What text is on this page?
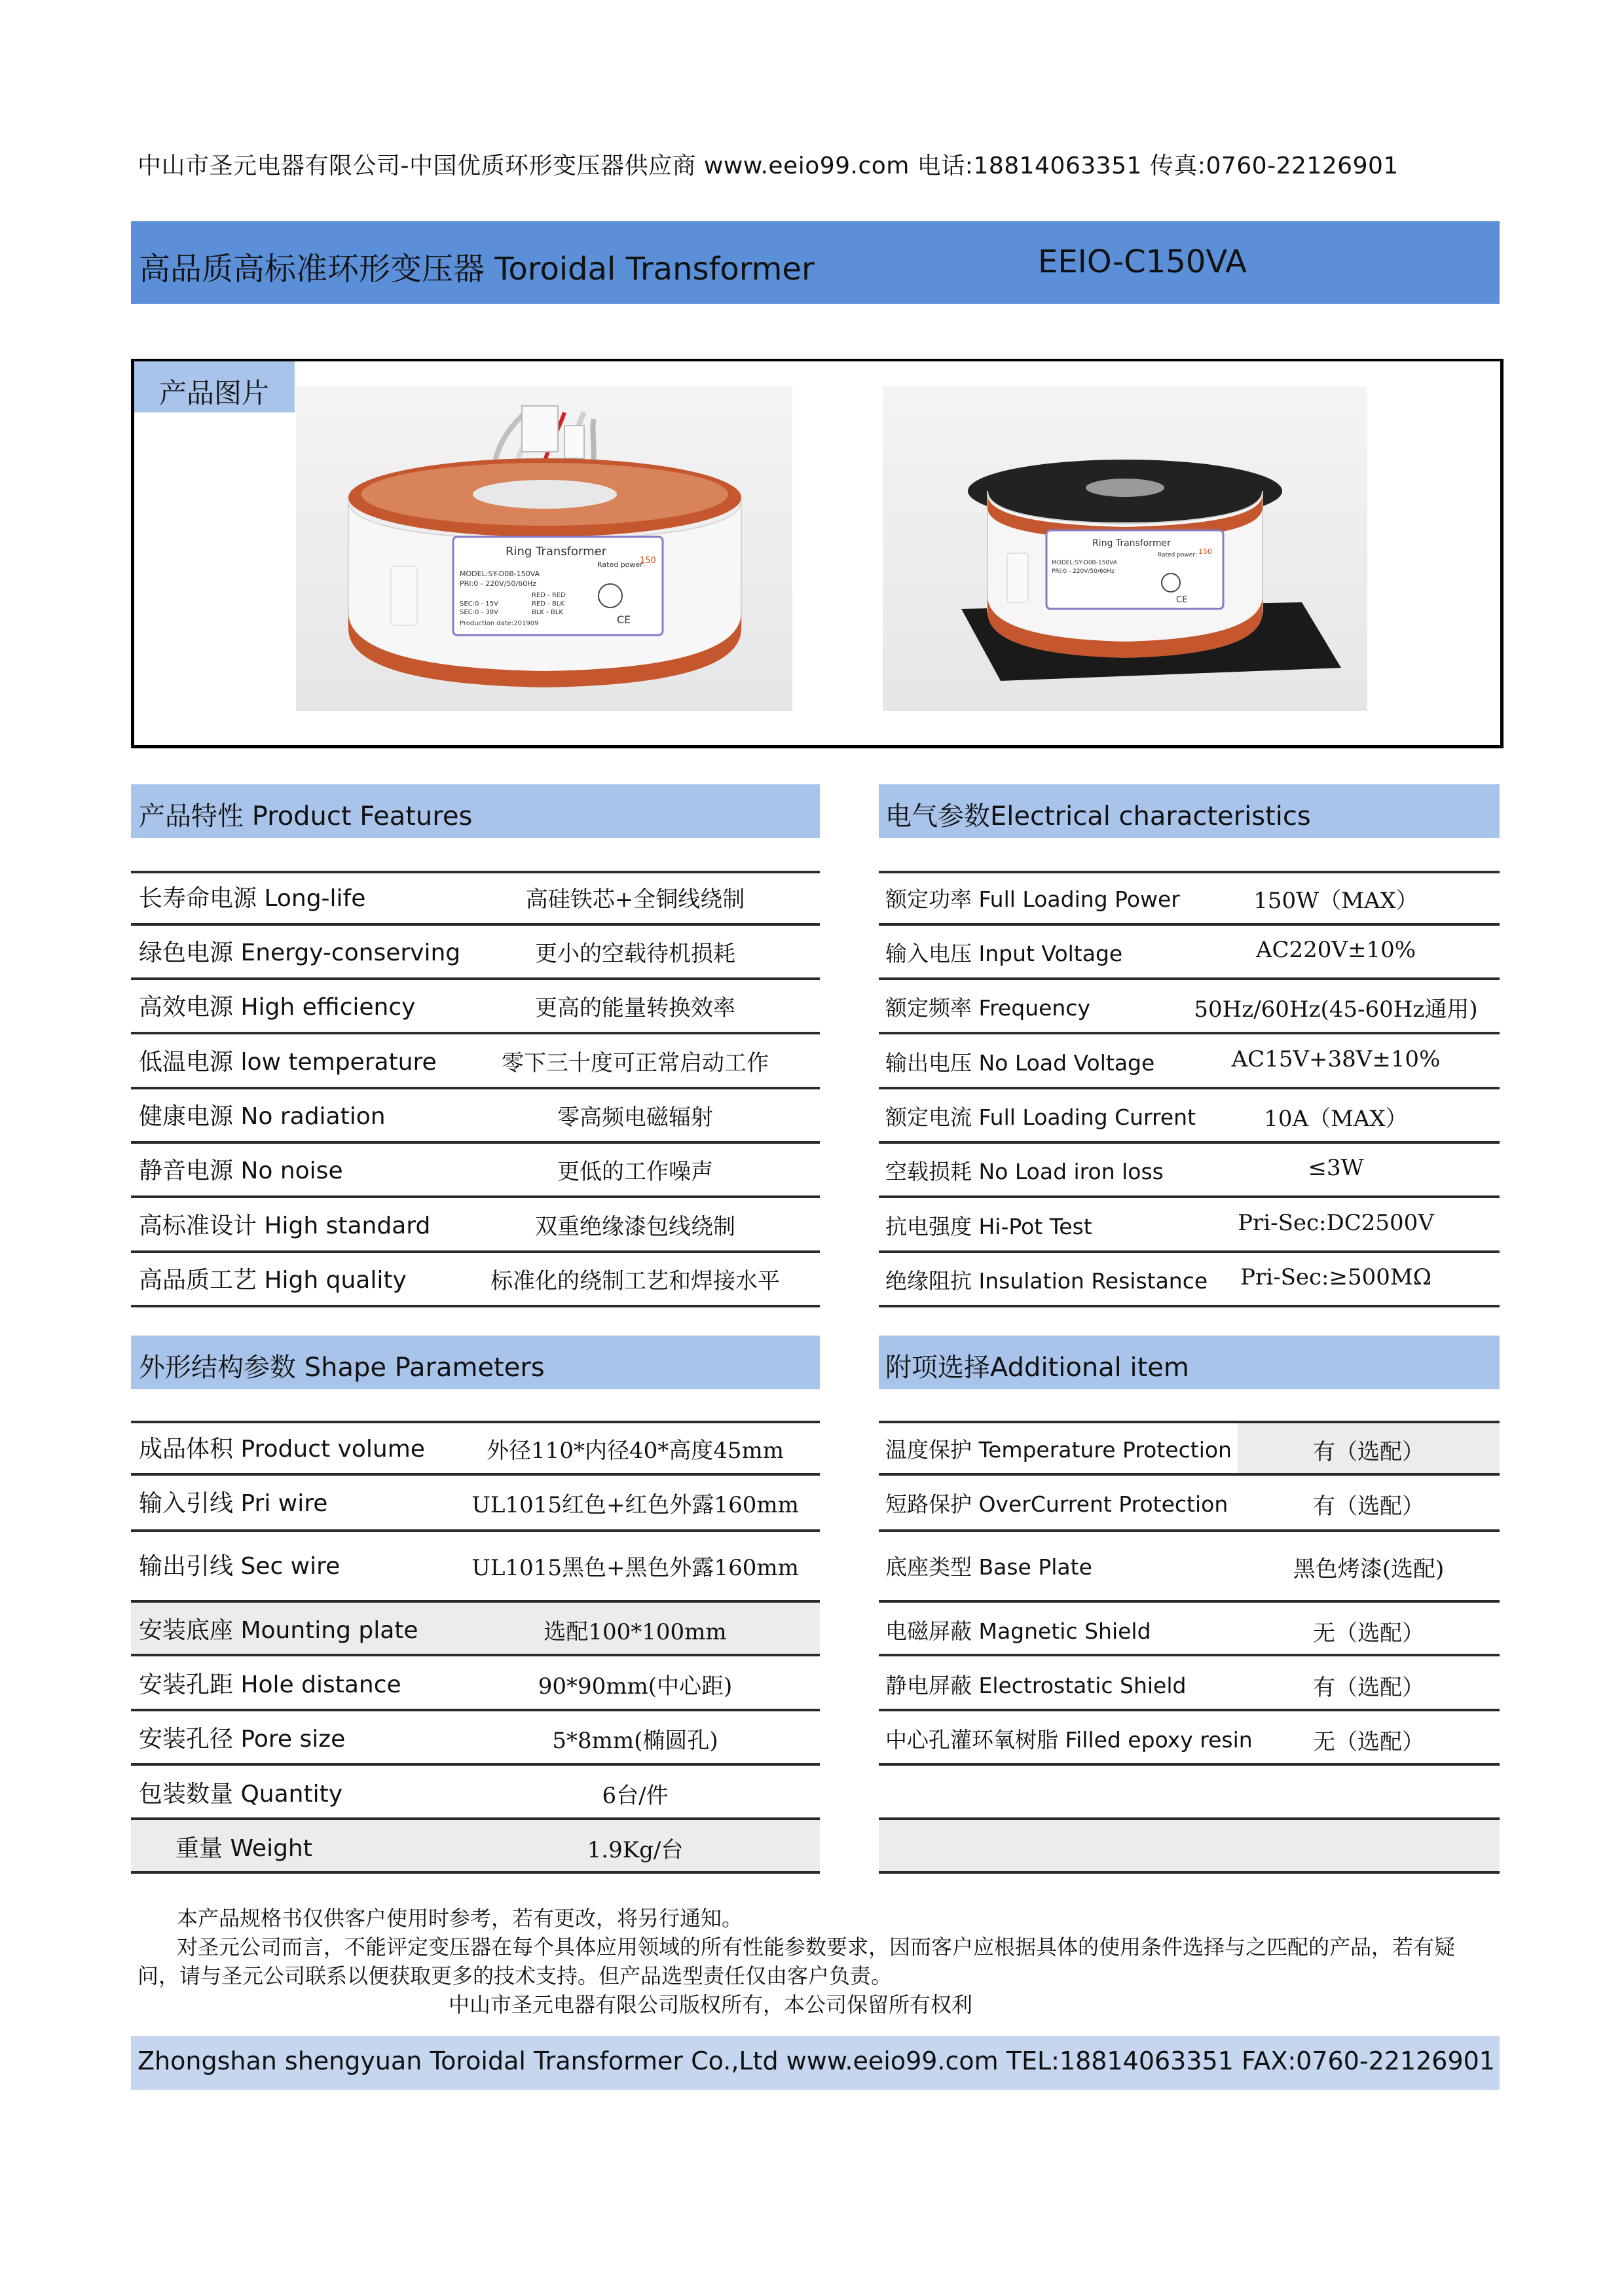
中山市圣元电器有限公司-中国优质环形变压器供应商 www.eeio99.com 电话:18814063351 传真:0760-22126901
高品质高标准环形变压器 Toroidal Transformer	EEIO-C150VA
产品图片
Ring Transformer
Rated power:
150
MODEL:SY-D0B-150VA
PRI:0 - 220V/50/60Hz
RED - RED
SEC:0 - 15V	RED - BLK
SEC:0 - 38V	BLK - BLK
Production date:201909	CE
Ring Transformer
Rated power: 150
MODEL:SY-D0B-150VA
PRI:0 - 220V/50/60Hz
CE
产品特性 Product Features
长寿命电源 Long-life	高硅铁芯+全铜线绕制
绿色电源 Energy-conserving	更小的空载待机损耗
高效电源 High efficiency	更高的能量转换效率
低温电源 low temperature	零下三十度可正常启动工作
健康电源 No radiation	零高频电磁辐射
静音电源 No noise	更低的工作噪声
高标准设计 High standard	双重绝缘漆包线绕制
高品质工艺 High quality	标准化的绕制工艺和焊接水平
电气参数Electrical characteristics
额定功率 Full Loading Power	150W（MAX）
输入电压 Input Voltage	AC220V±10%
额定频率 Frequency	50Hz/60Hz(45-60Hz通用)
输出电压 No Load Voltage	AC15V+38V±10%
额定电流 Full Loading Current	10A（MAX）
空载损耗 No Load iron loss	≤3W
抗电强度 Hi-Pot Test	Pri-Sec:DC2500V
绝缘阻抗 Insulation Resistance	Pri-Sec:≥500MΩ
外形结构参数 Shape Parameters
成品体积 Product volume	外径110*内径40*高度45mm
输入引线 Pri wire	UL1015红色+红色外露160mm
输出引线 Sec wire	UL1015黑色+黑色外露160mm
安装底座 Mounting plate	选配100*100mm
安装孔距 Hole distance	90*90mm(中心距)
安装孔径 Pore size	5*8mm(椭圆孔)
包装数量 Quantity	6台/件
重量 Weight	1.9Kg/台
附项选择Additional item
温度保护 Temperature Protection	有（选配）
短路保护 OverCurrent Protection	有（选配）
底座类型 Base Plate	黑色烤漆(选配)
电磁屏蔽 Magnetic Shield	无（选配）
静电屏蔽 Electrostatic Shield	有（选配）
中心孔灌环氧树脂 Filled epoxy resin	无（选配）
本产品规格书仅供客户使用时参考，若有更改，将另行通知。
对圣元公司而言，不能评定变压器在每个具体应用领域的所有性能参数要求，因而客户应根据具体的使用条件选择与之匹配的产品，若有疑问，请与圣元公司联系以便获取更多的技术支持。但产品选型责任仅由客户负责。
中山市圣元电器有限公司版权所有，本公司保留所有权利
Zhongshan shengyuan Toroidal Transformer Co.,Ltd www.eeio99.com TEL:18814063351 FAX:0760-22126901
